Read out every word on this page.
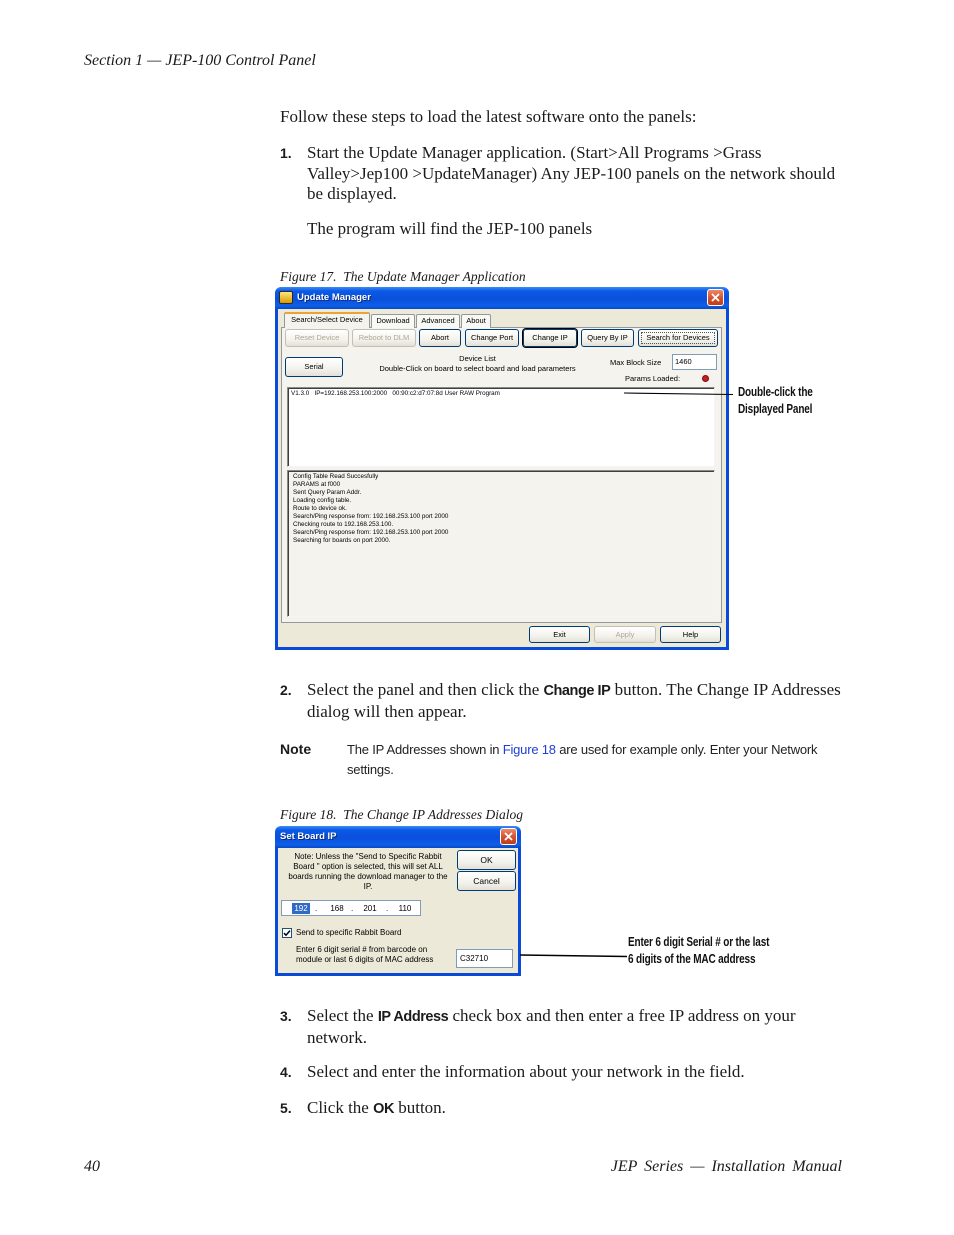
Section 1 — JEP-100 Control Panel
Follow these steps to load the latest software onto the panels:
1. Start the Update Manager application. (Start>All Programs >Grass Valley>Jep100 >UpdateManager) Any JEP-100 panels on the network should be displayed.
The program will find the JEP-100 panels
Figure 17.  The Update Manager Application
Update Manager
Search/Select Device	Download	Advanced	About
Reset Device	Reboot to DLM	Abort	Change Port	Change IP	Query By IP	Search for Devices
Serial
Device List
Double-Click on board to select board and load parameters
Max Block Size 1460
Params Loaded:
V1.3.0   IP=192.168.253.100:2000   00:90:c2:d7:07:8d User RAW Program
Config Table Read Succesfully
PARAMS at f000
Sent Query Param Addr.
Loading config table.
Route to device ok.
Search/Ping response from: 192.168.253.100 port 2000
Checking route to 192.168.253.100.
Search/Ping response from: 192.168.253.100 port 2000
Searching for boards on port 2000.
Exit	Apply	Help
Double-click the
Displayed Panel
2. Select the panel and then click the Change IP button. The Change IP Addresses dialog will then appear.
Note	The IP Addresses shown in Figure 18 are used for example only. Enter your Network settings.
Figure 18.  The Change IP Addresses Dialog
Set Board IP
Note: Unless the "Send to Specific Rabbit
Board " option is selected, this will set ALL
boards running the download manager to the
IP.
OK
Cancel
192 .	168 .	201	.	110
Send to specific Rabbit Board
Enter 6 digit serial # from barcode on
module or last 6 digits of MAC address	C32710
Enter 6 digit Serial # or the last
6 digits of the MAC address
3. Select the IP Address check box and then enter a free IP address on your network.
4. Select and enter the information about your network in the field.
5. Click the OK button.
40	JEP Series — Installation Manual
